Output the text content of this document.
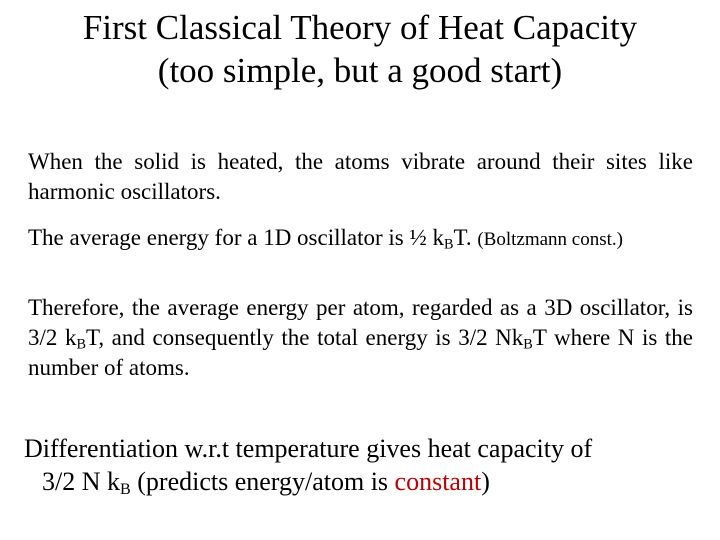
First Classical Theory of Heat Capacity
(too simple, but a good start)
When the solid is heated, the atoms vibrate around their sites like harmonic oscillators.
The average energy for a 1D oscillator is ½ $k_BT$. (Boltzmann const.)
Therefore, the average energy per atom, regarded as a 3D oscillator, is 3/2 $k_BT$, and consequently the total energy is 3/2 $Nk_BT$ where N is the number of atoms.
Differentiation w.r.t temperature gives heat capacity of
3/2 N $k_B$ (predicts energy/atom is constant)
